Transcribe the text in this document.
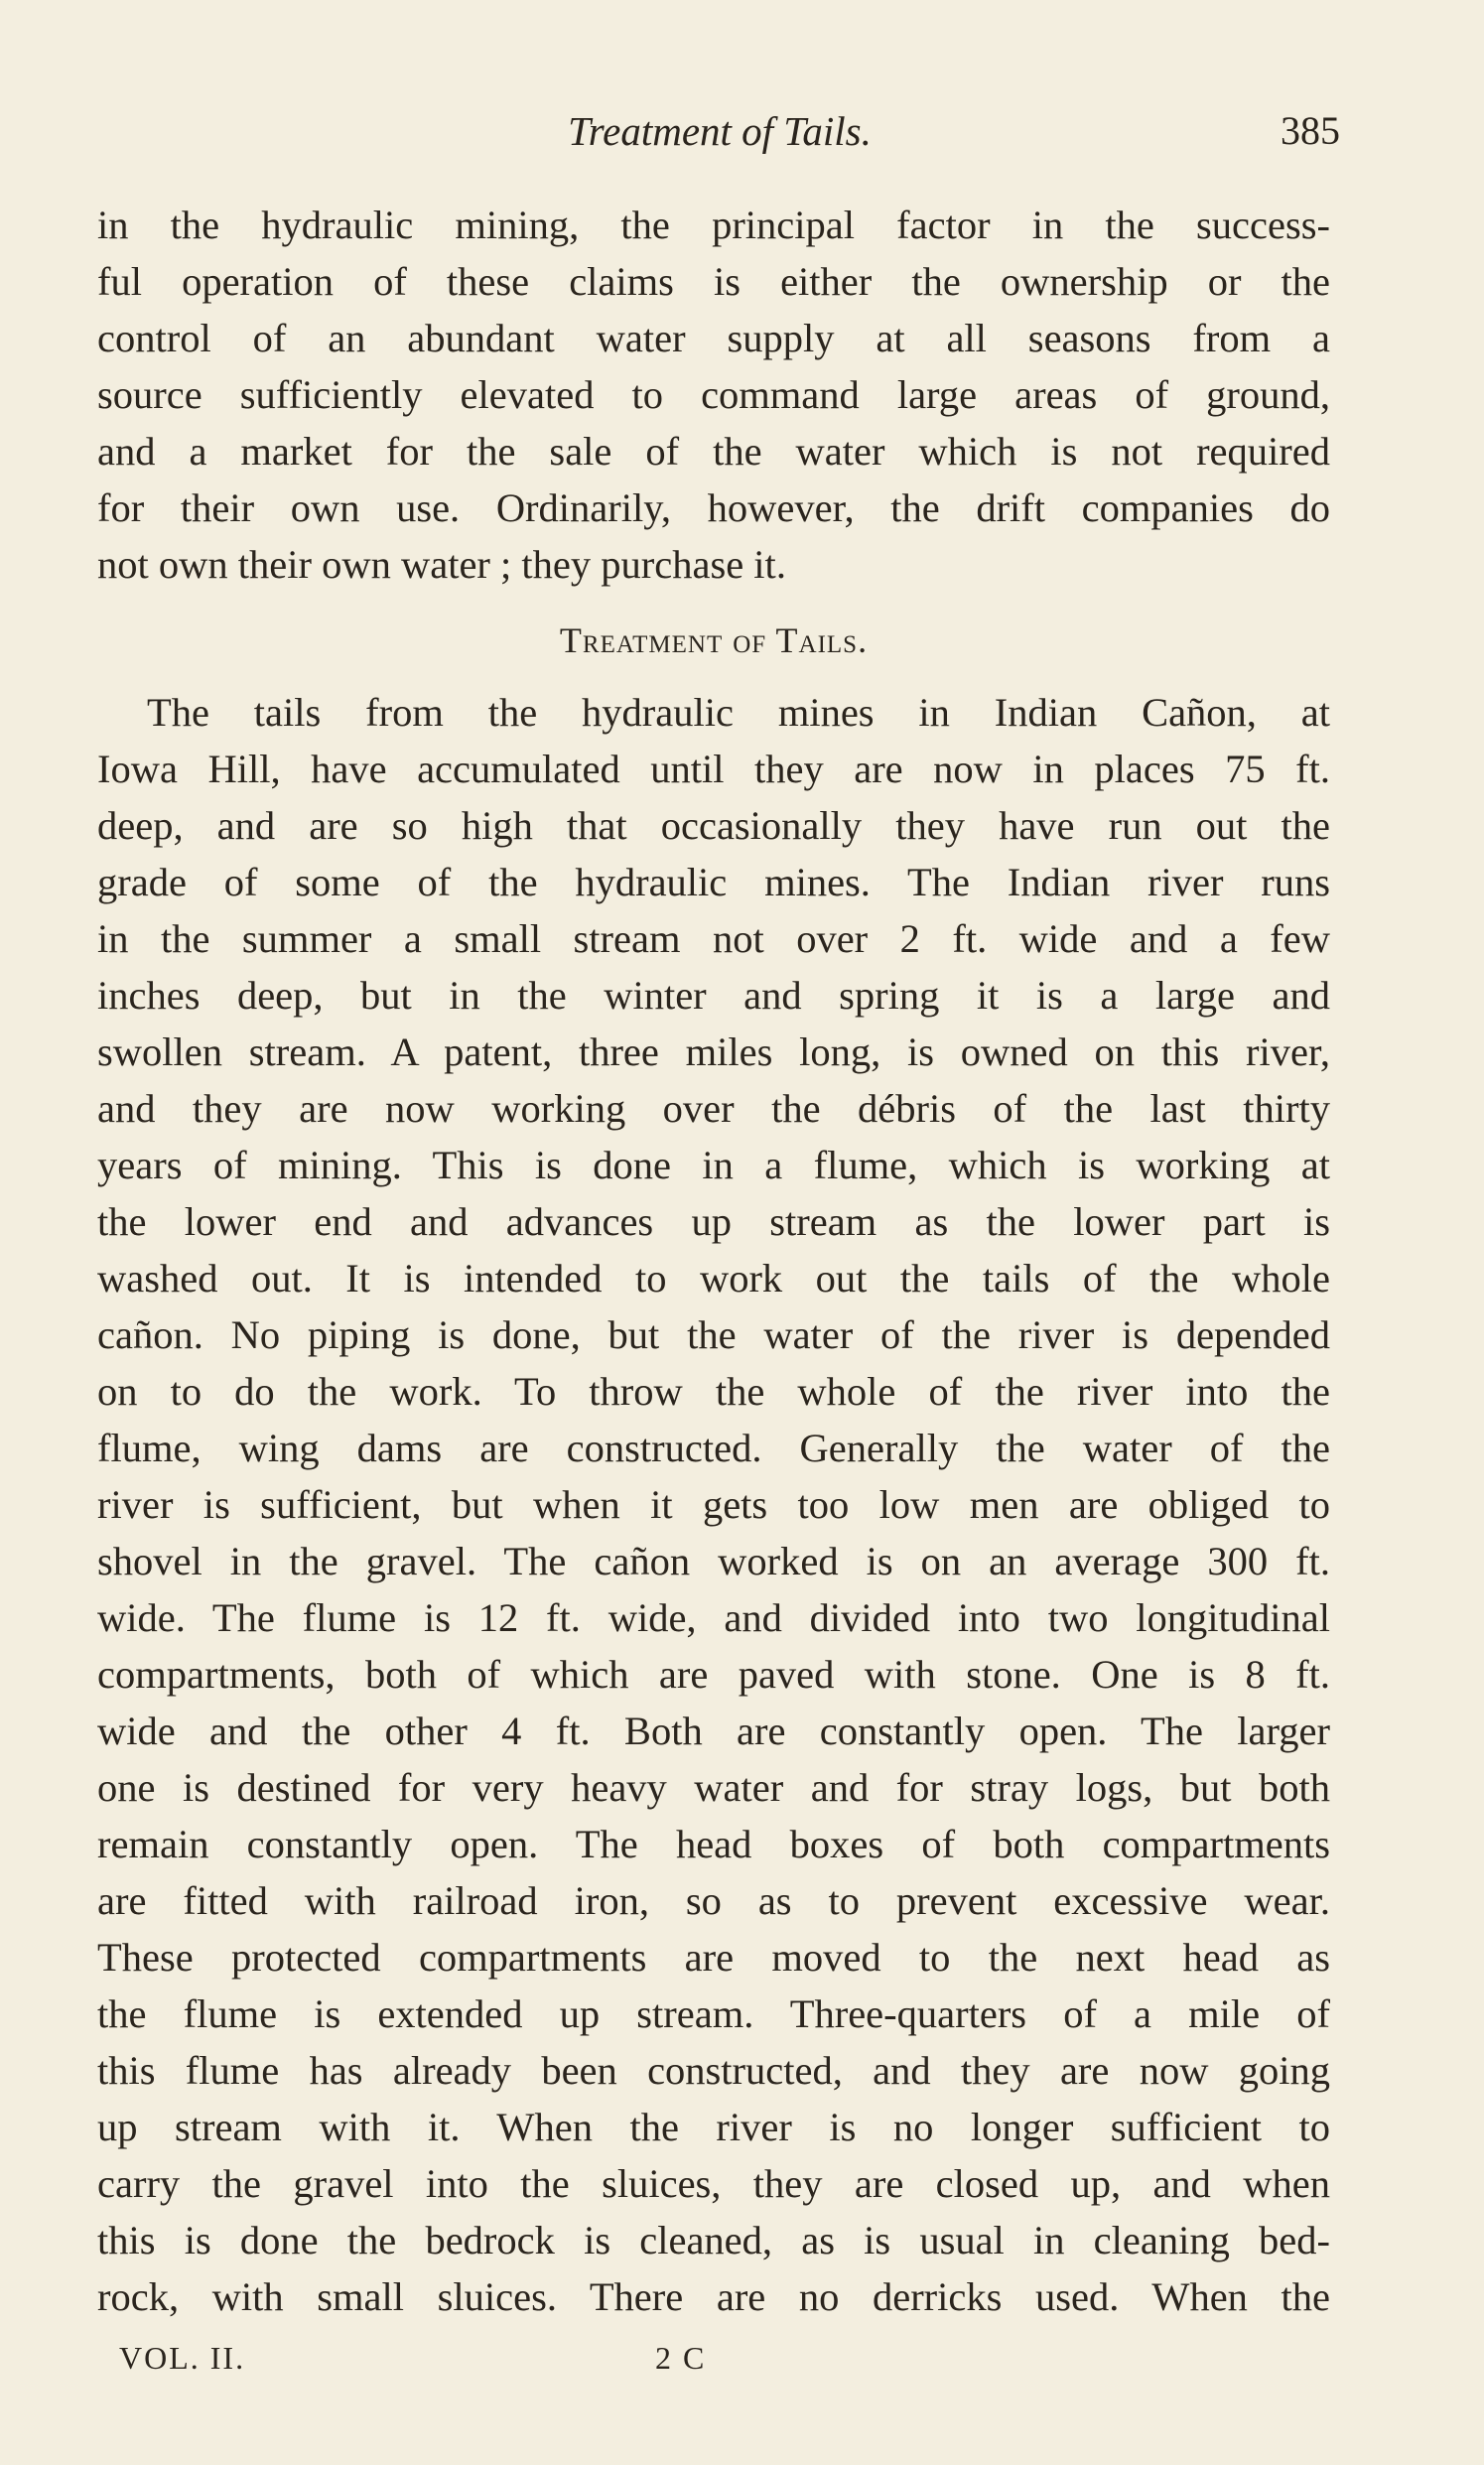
Treatment of Tails.	385
in the hydraulic mining, the principal factor in the success-
ful operation of these claims is either the ownership or the
control of an abundant water supply at all seasons from a
source sufficiently elevated to command large areas of ground,
and a market for the sale of the water which is not required
for their own use. Ordinarily, however, the drift companies do
not own their own water ; they purchase it.
Treatment of Tails.
The tails from the hydraulic mines in Indian Cañon, at
Iowa Hill, have accumulated until they are now in places 75 ft.
deep, and are so high that occasionally they have run out the
grade of some of the hydraulic mines. The Indian river runs
in the summer a small stream not over 2 ft. wide and a few
inches deep, but in the winter and spring it is a large and
swollen stream. A patent, three miles long, is owned on this river,
and they are now working over the débris of the last thirty
years of mining. This is done in a flume, which is working at
the lower end and advances up stream as the lower part is
washed out. It is intended to work out the tails of the whole
cañon. No piping is done, but the water of the river is depended
on to do the work. To throw the whole of the river into the
flume, wing dams are constructed. Generally the water of the
river is sufficient, but when it gets too low men are obliged to
shovel in the gravel. The cañon worked is on an average 300 ft.
wide. The flume is 12 ft. wide, and divided into two longitudinal
compartments, both of which are paved with stone. One is 8 ft.
wide and the other 4 ft. Both are constantly open. The larger
one is destined for very heavy water and for stray logs, but both
remain constantly open. The head boxes of both compartments
are fitted with railroad iron, so as to prevent excessive wear.
These protected compartments are moved to the next head as
the flume is extended up stream. Three-quarters of a mile of
this flume has already been constructed, and they are now going
up stream with it. When the river is no longer sufficient to
carry the gravel into the sluices, they are closed up, and when
this is done the bedrock is cleaned, as is usual in cleaning bed-
rock, with small sluices. There are no derricks used. When the
VOL. II.	2 C
